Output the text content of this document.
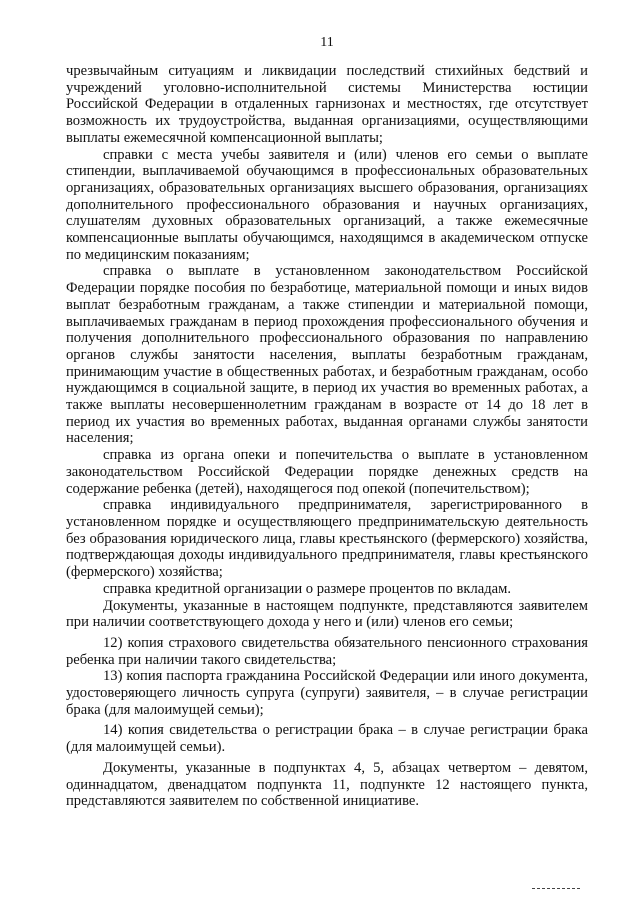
11

чрезвычайным ситуациям и ликвидации последствий стихийных бедствий и учреждений уголовно-исполнительной системы Министерства юстиции Российской Федерации в отдаленных гарнизонах и местностях, где отсутствует возможность их трудоустройства, выданная организациями, осуществляющими выплаты ежемесячной компенсационной выплаты;

справки с места учебы заявителя и (или) членов его семьи о выплате стипендии, выплачиваемой обучающимся в профессиональных образовательных организациях, образовательных организациях высшего образования, организациях дополнительного профессионального образования и научных организациях, слушателям духовных образовательных организаций, а также ежемесячные компенсационные выплаты обучающимся, находящимся в академическом отпуске по медицинским показаниям;

справка о выплате в установленном законодательством Российской Федерации порядке пособия по безработице, материальной помощи и иных видов выплат безработным гражданам, а также стипендии и материальной помощи, выплачиваемых гражданам в период прохождения профессионального обучения и получения дополнительного профессионального образования по направлению органов службы занятости населения, выплаты безработным гражданам, принимающим участие в общественных работах, и безработным гражданам, особо нуждающимся в социальной защите, в период их участия во временных работах, а также выплаты несовершеннолетним гражданам в возрасте от 14 до 18 лет в период их участия во временных работах, выданная органами службы занятости населения;

справка из органа опеки и попечительства о выплате в установленном законодательством Российской Федерации порядке денежных средств на содержание ребенка (детей), находящегося под опекой (попечительством);

справка индивидуального предпринимателя, зарегистрированного в установленном порядке и осуществляющего предпринимательскую деятельность без образования юридического лица, главы крестьянского (фермерского) хозяйства, подтверждающая доходы индивидуального предпринимателя, главы крестьянского (фермерского) хозяйства;

справка кредитной организации о размере процентов по вкладам.

Документы, указанные в настоящем подпункте, представляются заявителем при наличии соответствующего дохода у него и (или) членов его семьи;

12) копия страхового свидетельства обязательного пенсионного страхования ребенка при наличии такого свидетельства;

13) копия паспорта гражданина Российской Федерации или иного документа, удостоверяющего личность супруга (супруги) заявителя, – в случае регистрации брака (для малоимущей семьи);

14) копия свидетельства о регистрации брака – в случае регистрации брака (для малоимущей семьи).

Документы, указанные в подпунктах 4, 5, абзацах четвертом – девятом, одиннадцатом, двенадцатом подпункта 11, подпункте 12 настоящего пункта, представляются заявителем по собственной инициативе.
